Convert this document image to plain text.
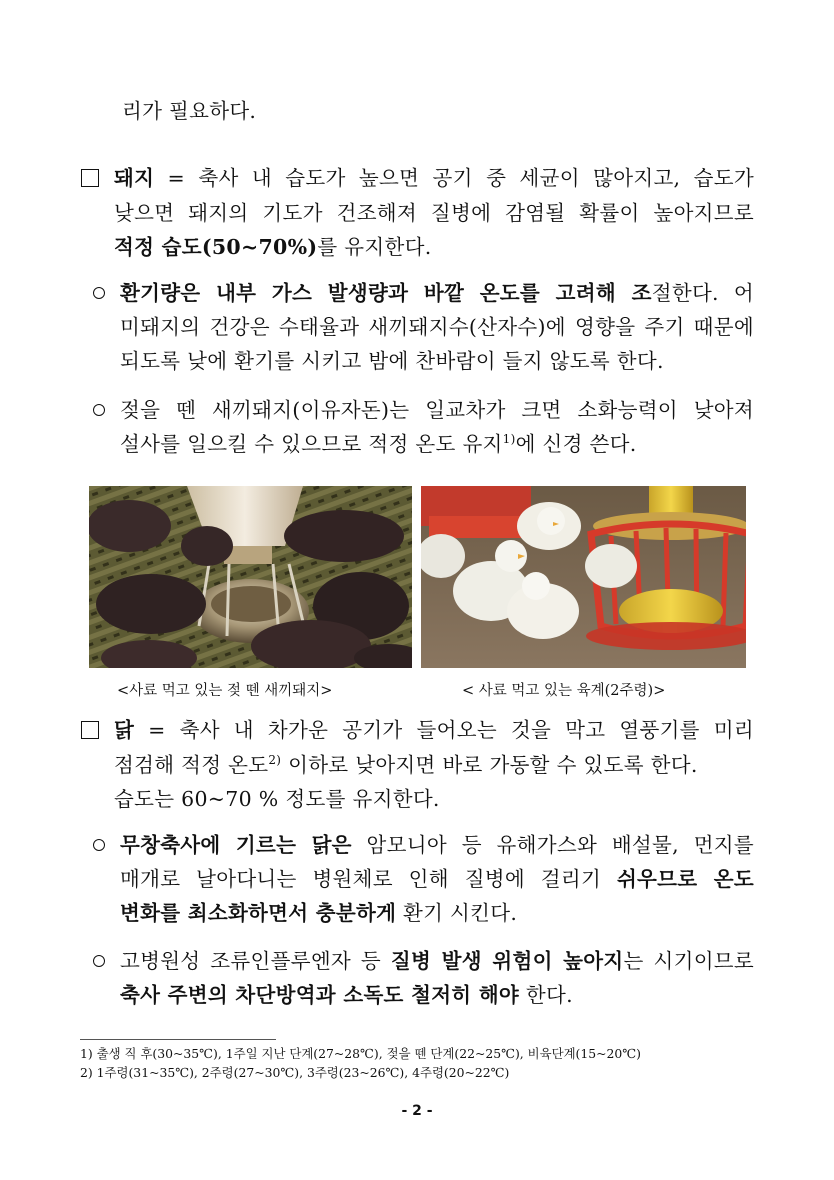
리가 필요하다.
돼지 = 축사 내 습도가 높으면 공기 중 세균이 많아지고, 습도가
낮으면 돼지의 기도가 건조해져 질병에 감염될 확률이 높아지므로
적정 습도(50~70%)를 유지한다.
환기량은 내부 가스 발생량과 바깥 온도를 고려해 조절한다. 어
미돼지의 건강은 수태율과 새끼돼지수(산자수)에 영향을 주기 때문에
되도록 낮에 환기를 시키고 밤에 찬바람이 들지 않도록 한다.
젖을 뗀 새끼돼지(이유자돈)는 일교차가 크면 소화능력이 낮아져
설사를 일으킬 수 있으므로 적정 온도 유지$^{1)}$에 신경 쓴다.
<사료 먹고 있는 젖 뗀 새끼돼지>	< 사료 먹고 있는 육계(2주령)>
닭 = 축사 내 차가운 공기가 들어오는 것을 막고 열풍기를 미리
점검해 적정 온도$^{2)}$ 이하로 낮아지면 바로 가동할 수 있도록 한다.
습도는 60~70 % 정도를 유지한다.
무창축사에 기르는 닭은 암모니아 등 유해가스와 배설물, 먼지를
매개로 날아다니는 병원체로 인해 질병에 걸리기 쉬우므로 온도
변화를 최소화하면서 충분하게 환기 시킨다.
고병원성 조류인플루엔자 등 질병 발생 위험이 높아지는 시기이므로
축사 주변의 차단방역과 소독도 철저히 해야 한다.
1) 출생 직 후(30~35℃), 1주일 지난 단계(27~28℃), 젖을 뗀 단계(22~25℃), 비육단계(15~20℃)
2) 1주령(31~35℃), 2주령(27~30℃), 3주령(23~26℃), 4주령(20~22℃)
- 2 -
